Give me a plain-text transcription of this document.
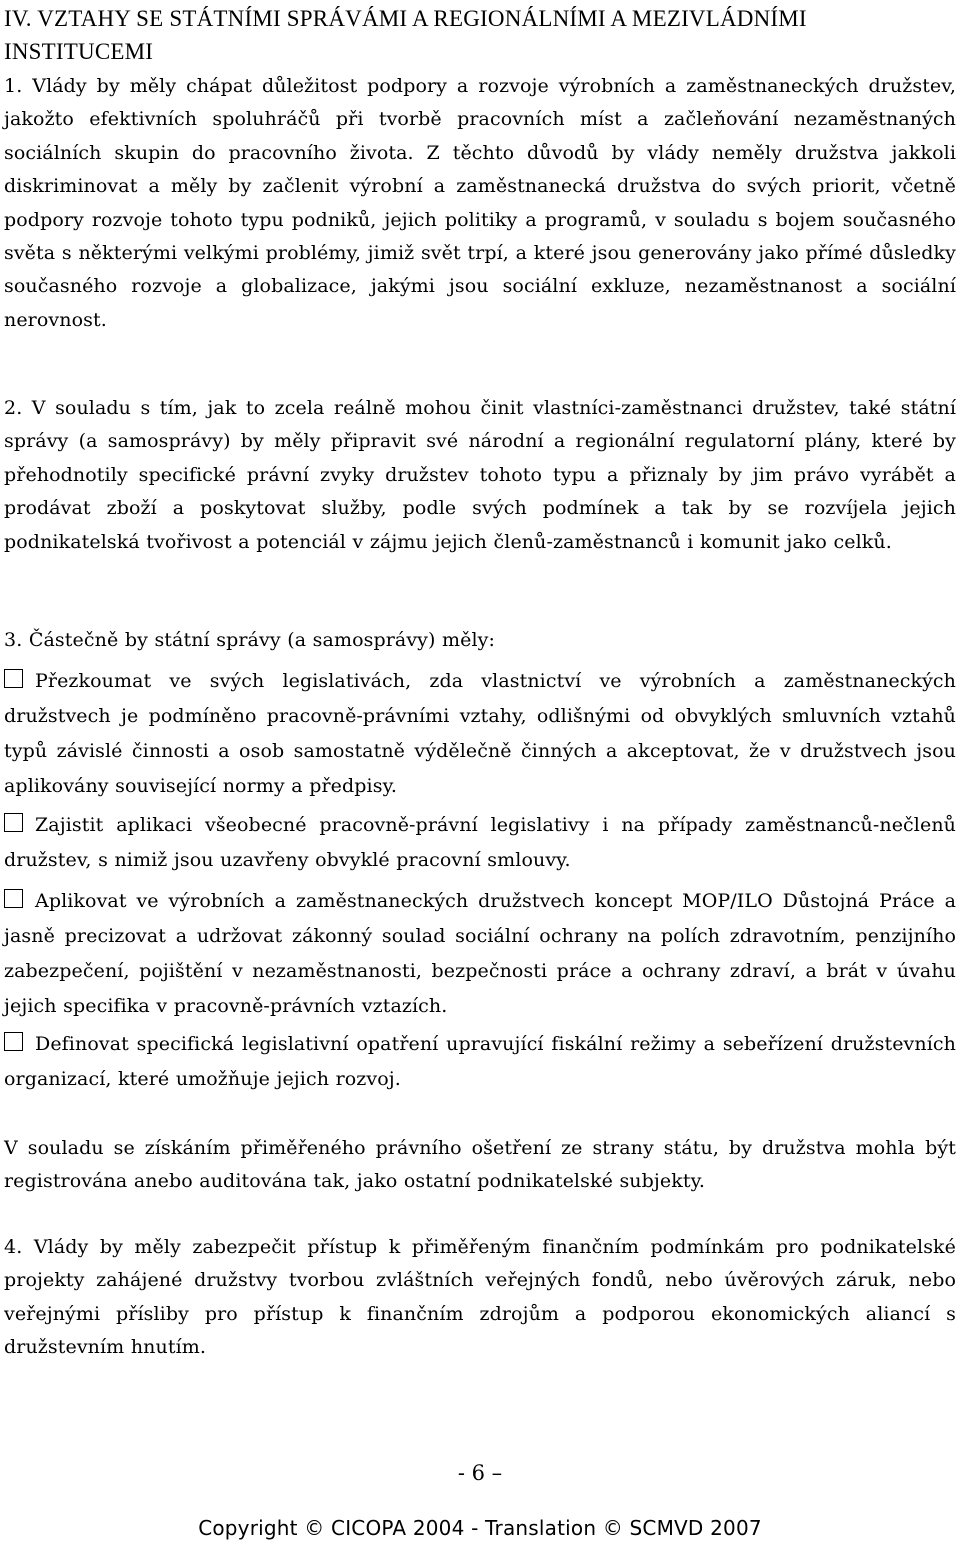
IV. VZTAHY SE STÁTNÍMI SPRÁVÁMI A REGIONÁLNÍMI A MEZIVLÁDNÍMI INSTITUCEMI

1. Vlády by měly chápat důležitost podpory a rozvoje výrobních a zaměstnaneckých družstev, jakožto efektivních spoluhráčů při tvorbě pracovních míst a začleňování nezaměstnaných sociálních skupin do pracovního života. Z těchto důvodů by vlády neměly družstva jakkoli diskriminovat a měly by začlenit výrobní a zaměstnanecká družstva do svých priorit, včetně podpory rozvoje tohoto typu podniků, jejich politiky a programů, v souladu s bojem současného světa s některými velkými problémy, jimiž svět trpí, a které jsou generovány jako přímé důsledky současného rozvoje a globalizace, jakými jsou sociální exkluze, nezaměstnanost a sociální nerovnost.

2. V souladu s tím, jak to zcela reálně mohou činit vlastníci-zaměstnanci družstev, také státní správy (a samosprávy) by měly připravit své národní a regionální regulatorní plány, které by přehodnotily specifické právní zvyky družstev tohoto typu a přiznaly by jim právo vyrábět a prodávat zboží a poskytovat služby, podle svých podmínek a tak by se rozvíjela jejich podnikatelská tvořivost a potenciál v zájmu jejich členů-zaměstnanců i komunit jako celků.

3. Částečně by státní správy (a samosprávy) měly:

Přezkoumat ve svých legislativách, zda vlastnictví ve výrobních a zaměstnaneckých družstvech je podmíněno pracovně-právními vztahy, odlišnými od obvyklých smluvních vztahů typů závislé činnosti a osob samostatně výdělečně činných a akceptovat, že v družstvech jsou aplikovány související normy a předpisy.

Zajistit aplikaci všeobecné pracovně-právní legislativy i na případy zaměstnanců-nečlenů družstev, s nimiž jsou uzavřeny obvyklé pracovní smlouvy.

Aplikovat ve výrobních a zaměstnaneckých družstvech koncept MOP/ILO Důstojná Práce a jasně precizovat a udržovat zákonný soulad sociální ochrany na polích zdravotním, penzijního zabezpečení, pojištění v nezaměstnanosti, bezpečnosti práce a ochrany zdraví, a brát v úvahu jejich specifika v pracovně-právních vztazích.

Definovat specifická legislativní opatření upravující fiskální režimy a sebeřízení družstevních organizací, které umožňuje jejich rozvoj.

V souladu se získáním přiměřeného právního ošetření ze strany státu, by družstva mohla být registrována anebo auditována tak, jako ostatní podnikatelské subjekty.

4. Vlády by měly zabezpečit přístup k přiměřeným finančním podmínkám pro podnikatelské projekty zahájené družstvy tvorbou zvláštních veřejných fondů, nebo úvěrových záruk, nebo veřejnými přísliby pro přístup k finančním zdrojům a podporou ekonomických aliancí s družstevním hnutím.

- 6 –
Copyright © CICOPA 2004 - Translation © SCMVD 2007
